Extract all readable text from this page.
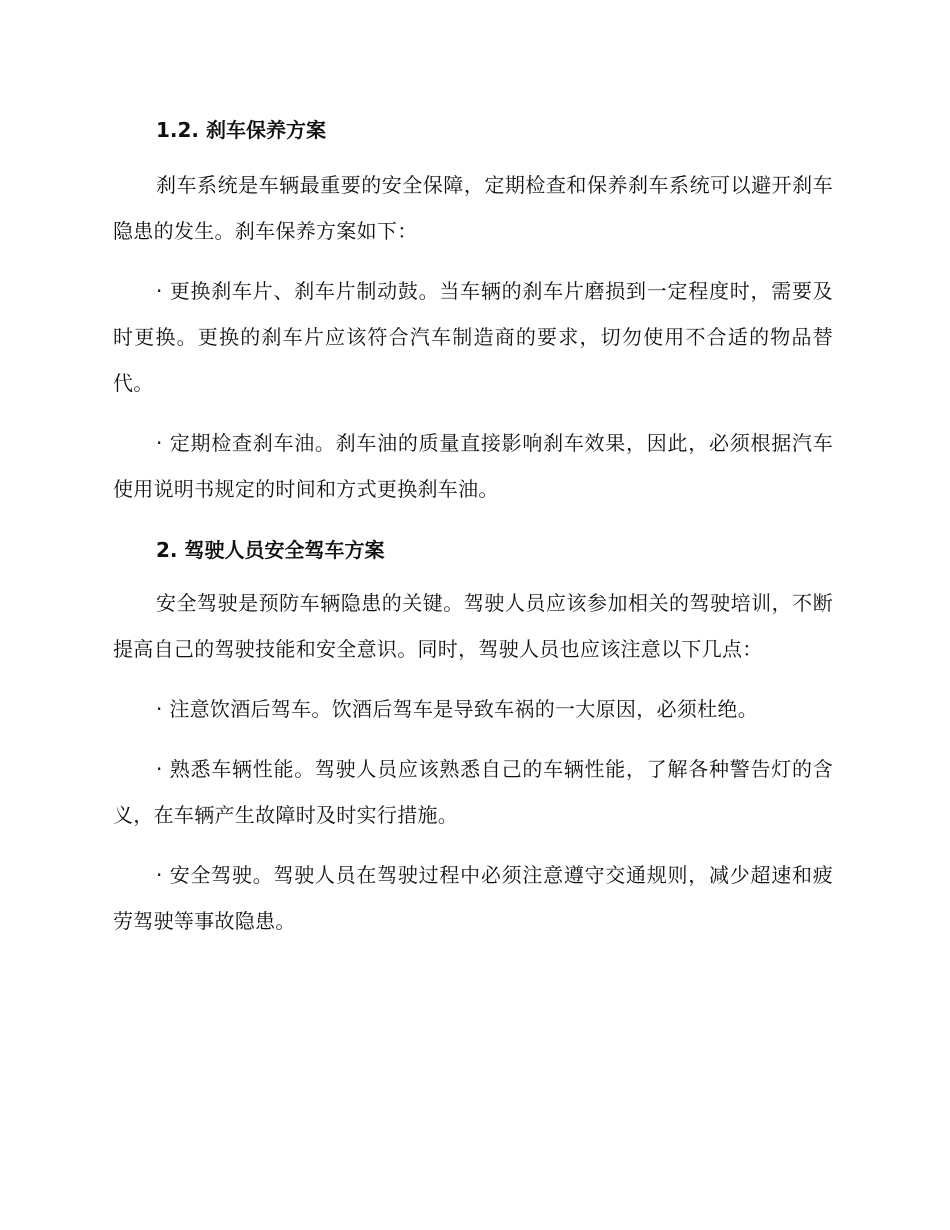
1.2. 刹车保养方案

刹车系统是车辆最重要的安全保障，定期检查和保养刹车系统可以避开刹车隐患的发生。刹车保养方案如下：

· 更换刹车片、刹车片制动鼓。当车辆的刹车片磨损到一定程度时，需要及时更换。更换的刹车片应该符合汽车制造商的要求，切勿使用不合适的物品替代。

· 定期检查刹车油。刹车油的质量直接影响刹车效果，因此，必须根据汽车使用说明书规定的时间和方式更换刹车油。

2. 驾驶人员安全驾车方案

安全驾驶是预防车辆隐患的关键。驾驶人员应该参加相关的驾驶培训，不断提高自己的驾驶技能和安全意识。同时，驾驶人员也应该注意以下几点：

· 注意饮酒后驾车。饮酒后驾车是导致车祸的一大原因，必须杜绝。

· 熟悉车辆性能。驾驶人员应该熟悉自己的车辆性能，了解各种警告灯的含义，在车辆产生故障时及时实行措施。

· 安全驾驶。驾驶人员在驾驶过程中必须注意遵守交通规则，减少超速和疲劳驾驶等事故隐患。
